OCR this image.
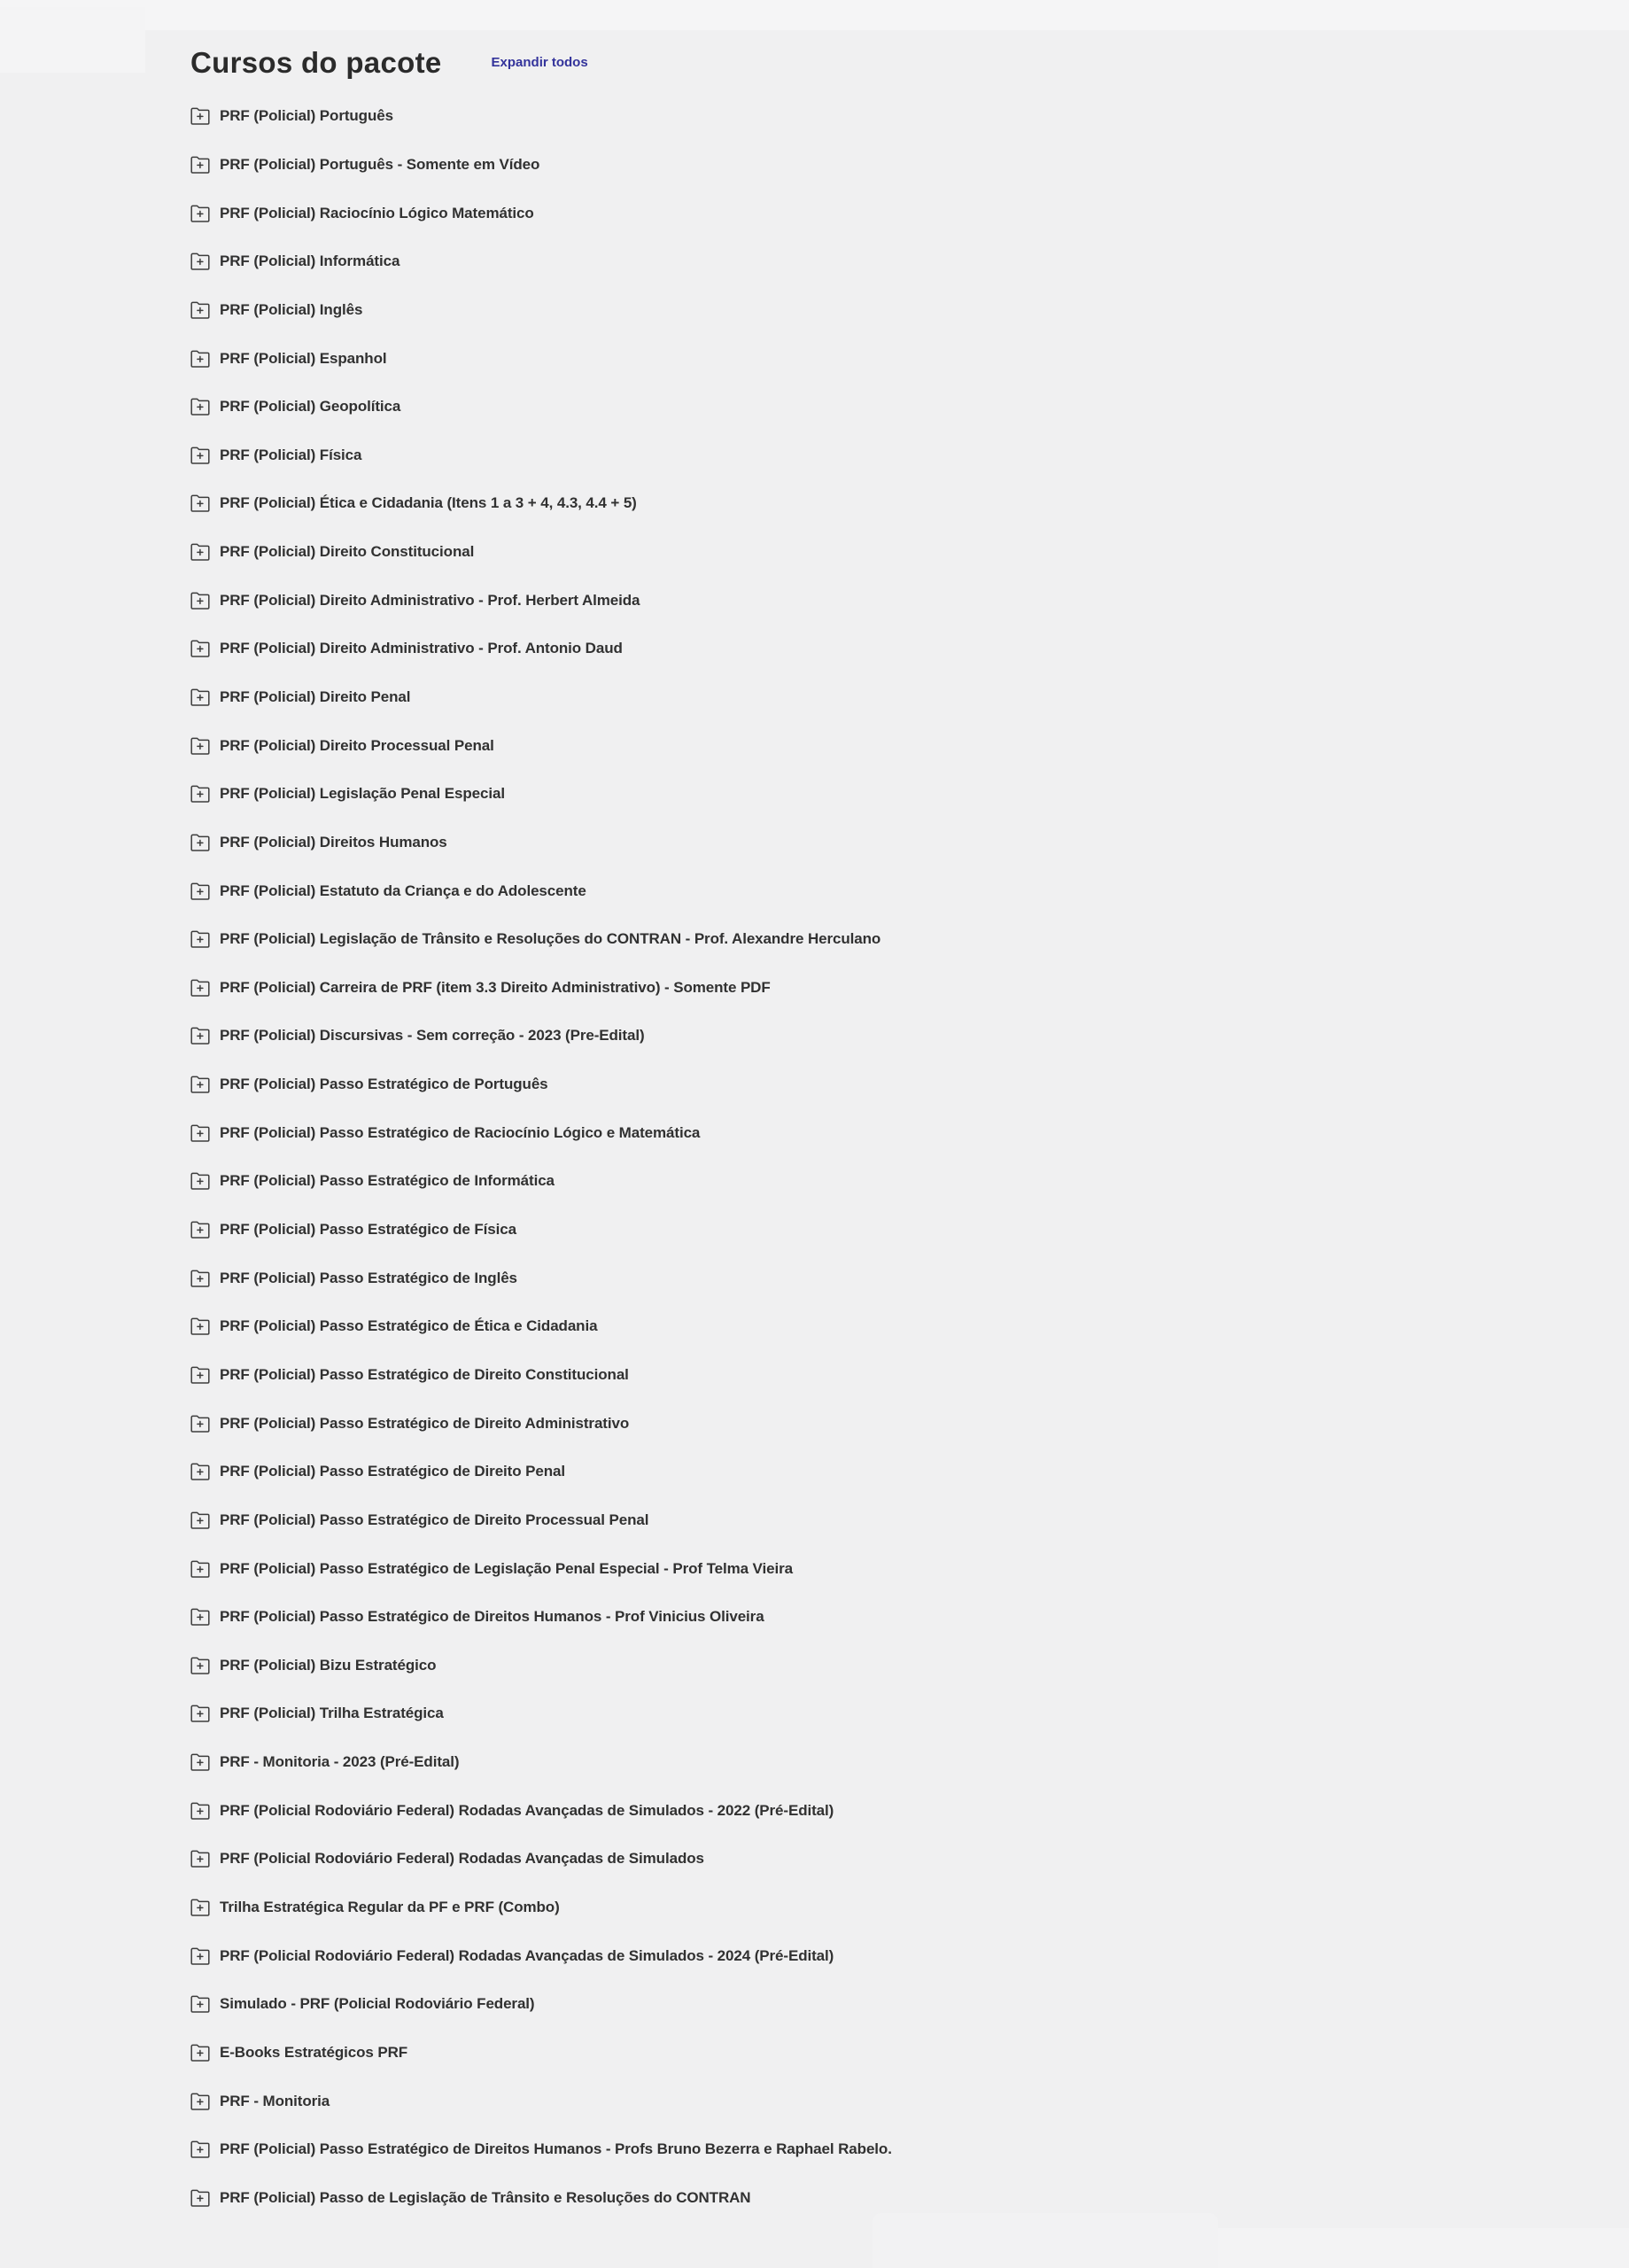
Cursos do pacote	Expandir todos
PRF (Policial) Português
PRF (Policial) Português - Somente em Vídeo
PRF (Policial) Raciocínio Lógico Matemático
PRF (Policial) Informática
PRF (Policial) Inglês
PRF (Policial) Espanhol
PRF (Policial) Geopolítica
PRF (Policial) Física
PRF (Policial) Ética e Cidadania (Itens 1 a 3 + 4, 4.3, 4.4 + 5)
PRF (Policial) Direito Constitucional
PRF (Policial) Direito Administrativo - Prof. Herbert Almeida
PRF (Policial) Direito Administrativo - Prof. Antonio Daud
PRF (Policial) Direito Penal
PRF (Policial) Direito Processual Penal
PRF (Policial) Legislação Penal Especial
PRF (Policial) Direitos Humanos
PRF (Policial) Estatuto da Criança e do Adolescente
PRF (Policial) Legislação de Trânsito e Resoluções do CONTRAN - Prof. Alexandre Herculano
PRF (Policial) Carreira de PRF (item 3.3 Direito Administrativo) - Somente PDF
PRF (Policial) Discursivas - Sem correção - 2023 (Pre-Edital)
PRF (Policial) Passo Estratégico de Português
PRF (Policial) Passo Estratégico de Raciocínio Lógico e Matemática
PRF (Policial) Passo Estratégico de Informática
PRF (Policial) Passo Estratégico de Física
PRF (Policial) Passo Estratégico de Inglês
PRF (Policial) Passo Estratégico de Ética e Cidadania
PRF (Policial) Passo Estratégico de Direito Constitucional
PRF (Policial) Passo Estratégico de Direito Administrativo
PRF (Policial) Passo Estratégico de Direito Penal
PRF (Policial) Passo Estratégico de Direito Processual Penal
PRF (Policial) Passo Estratégico de Legislação Penal Especial - Prof Telma Vieira
PRF (Policial) Passo Estratégico de Direitos Humanos - Prof Vinicius Oliveira
PRF (Policial) Bizu Estratégico
PRF (Policial) Trilha Estratégica
PRF - Monitoria - 2023 (Pré-Edital)
PRF (Policial Rodoviário Federal) Rodadas Avançadas de Simulados - 2022 (Pré-Edital)
PRF (Policial Rodoviário Federal) Rodadas Avançadas de Simulados
Trilha Estratégica Regular da PF e PRF (Combo)
PRF (Policial Rodoviário Federal) Rodadas Avançadas de Simulados - 2024 (Pré-Edital)
Simulado - PRF (Policial Rodoviário Federal)
E-Books Estratégicos PRF
PRF - Monitoria
PRF (Policial) Passo Estratégico de Direitos Humanos - Profs Bruno Bezerra e Raphael Rabelo.
PRF (Policial) Passo de Legislação de Trânsito e Resoluções do CONTRAN
